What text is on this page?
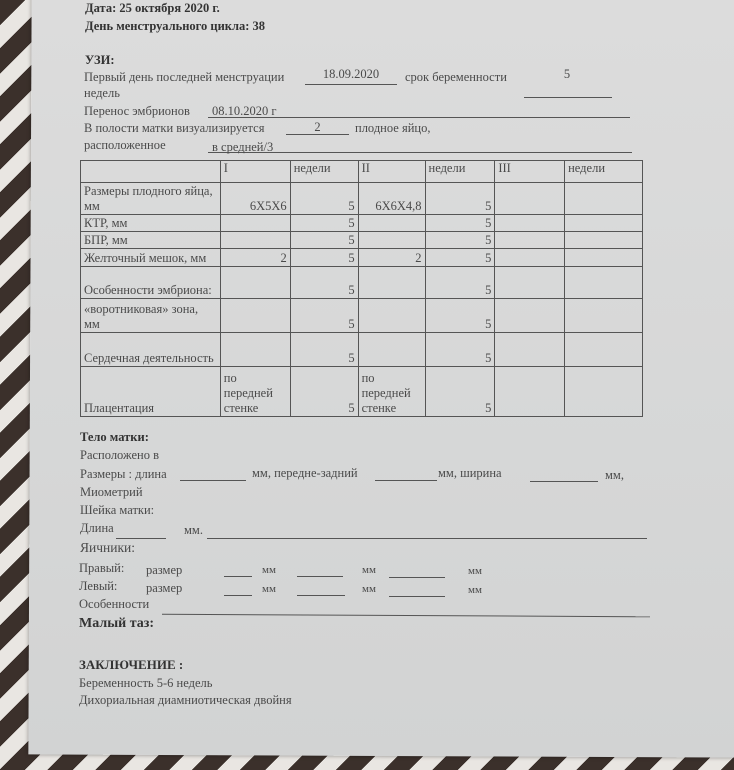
Дата: 25 октября 2020 г.
День менструального цикла: 38
УЗИ:
Первый день последней менструации	18.09.2020	срок беременности	5
недель
Перенос эмбрионов 08.10.2020 г
В полости матки визуализируется	2	плодное яйцо,
расположенное	в средней/3
	I	недели	II	недели	III	недели
Размеры плодного яйца, мм	6X5X6	5	6X6X4,8	5		
КТР, мм		5		5		
БПР, мм		5		5		
Желточный мешок, мм	2	5	2	5		
Особенности эмбриона:		5		5		
«воротниковая» зона, мм		5		5		
Сердечная деятельность		5		5		
Плацентация	по передней стенке	5	по передней стенке	5		
Тело матки:
Расположено в
Размеры : длина	мм, передне-задний	мм, ширина	мм,
Миометрий
Шейка матки:
Длина	мм.
Яичники:
Правый: размер	мм	мм	мм
Левый: размер	мм	мм	мм
Особенности
Малый таз:
ЗАКЛЮЧЕНИЕ :
Беременность 5-6 недель
Дихориальная диамниотическая двойня
